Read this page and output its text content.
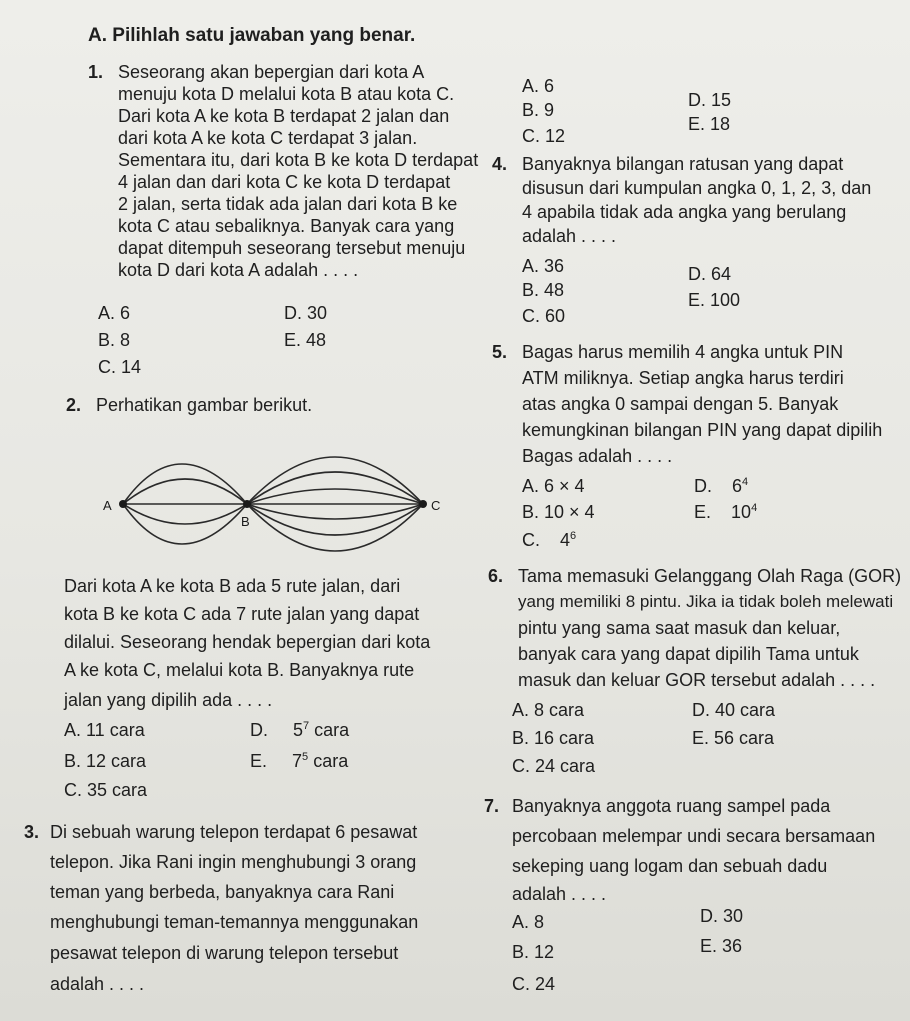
A. Pilihlah satu jawaban yang benar.
1. Seseorang akan bepergian dari kota A
menuju kota D melalui kota B atau kota C.
Dari kota A ke kota B terdapat 2 jalan dan
dari kota A ke kota C terdapat 3 jalan.
Sementara itu, dari kota B ke kota D terdapat
4 jalan dan dari kota C ke kota D terdapat
2 jalan, serta tidak ada jalan dari kota B ke
kota C atau sebaliknya. Banyak cara yang
dapat ditempuh seseorang tersebut menuju
kota D dari kota A adalah . . . .
A. 6
B. 8
C. 14
D. 30
E. 48
2. Perhatikan gambar berikut.
A
B
C
Dari kota A ke kota B ada 5 rute jalan, dari
kota B ke kota C ada 7 rute jalan yang dapat
dilalui. Seseorang hendak bepergian dari kota
A ke kota C, melalui kota B. Banyaknya rute
jalan yang dipilih ada . . . .
A. 11 cara
B. 12 cara
C. 35 cara
D. $5^7$ cara
E. $7^5$ cara
3. Di sebuah warung telepon terdapat 6 pesawat
telepon. Jika Rani ingin menghubungi 3 orang
teman yang berbeda, banyaknya cara Rani
menghubungi teman-temannya menggunakan
pesawat telepon di warung telepon tersebut
adalah . . . .
A. 6
B. 9
C. 12
D. 15
E. 18
4. Banyaknya bilangan ratusan yang dapat
disusun dari kumpulan angka 0, 1, 2, 3, dan
4 apabila tidak ada angka yang berulang
adalah . . . .
A. 36
B. 48
C. 60
D. 64
E. 100
5. Bagas harus memilih 4 angka untuk PIN
ATM miliknya. Setiap angka harus terdiri
atas angka 0 sampai dengan 5. Banyak
kemungkinan bilangan PIN yang dapat dipilih
Bagas adalah . . . .
A. 6 × 4
B. 10 × 4
C. $4^6$
D. $6^4$
E. $10^4$
6. Tama memasuki Gelanggang Olah Raga (GOR)
yang memiliki 8 pintu. Jika ia tidak boleh melewati
pintu yang sama saat masuk dan keluar,
banyak cara yang dapat dipilih Tama untuk
masuk dan keluar GOR tersebut adalah . . . .
A. 8 cara
B. 16 cara
C. 24 cara
D. 40 cara
E. 56 cara
7. Banyaknya anggota ruang sampel pada
percobaan melempar undi secara bersamaan
sekeping uang logam dan sebuah dadu
adalah . . . .
A. 8
B. 12
C. 24
D. 30
E. 36
